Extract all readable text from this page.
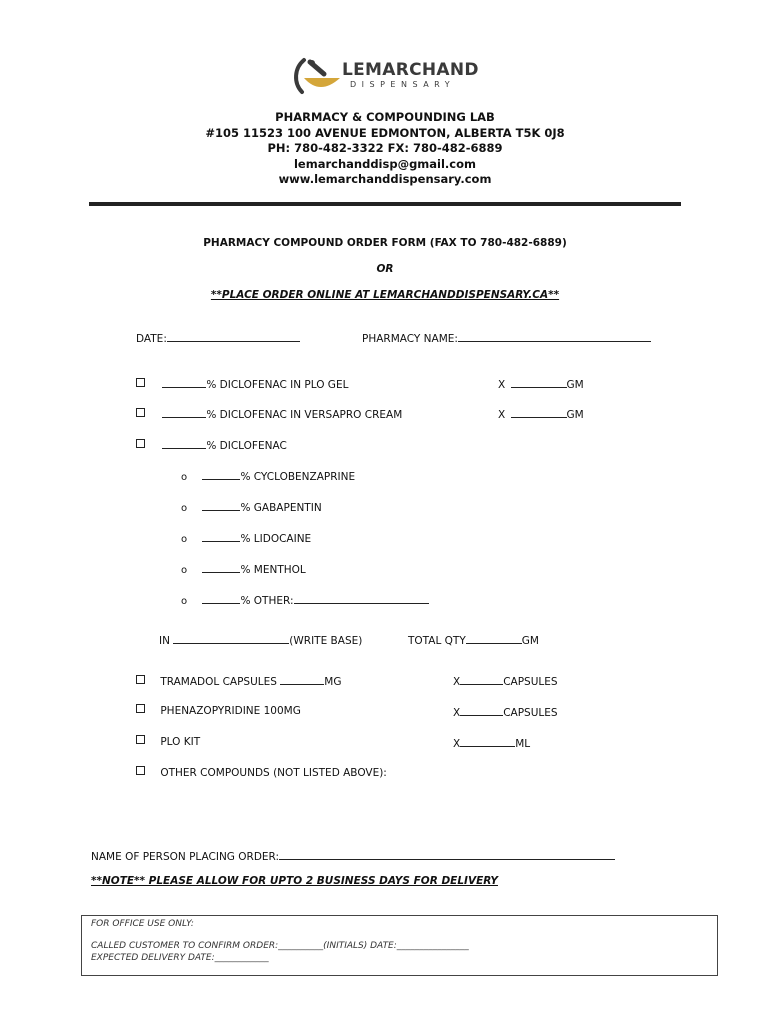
LEMARCHAND
DISPENSARY
PHARMACY & COMPOUNDING LAB
#105 11523 100 AVENUE EDMONTON, ALBERTA T5K 0J8
PH: 780-482-3322 FX: 780-482-6889
lemarchanddisp@gmail.com
www.lemarchanddispensary.com
PHARMACY COMPOUND ORDER FORM (FAX TO 780-482-6889)
OR
**PLACE ORDER ONLINE AT LEMARCHANDDISPENSARY.CA**
DATE:	PHARMACY NAME:
% DICLOFENAC IN PLO GEL	X	GM
% DICLOFENAC IN VERSAPRO CREAM	X	GM
% DICLOFENAC
o	% CYCLOBENZAPRINE
o	% GABAPENTIN
o	% LIDOCAINE
o	% MENTHOL
o	% OTHER:
IN	(WRITE BASE)	TOTAL QTY	GM
TRAMADOL CAPSULES	MG	X	CAPSULES
PHENAZOPYRIDINE 100MG	X	CAPSULES
PLO KIT	X	ML
OTHER COMPOUNDS (NOT LISTED ABOVE):
NAME OF PERSON PLACING ORDER:
**NOTE** PLEASE ALLOW FOR UPTO 2 BUSINESS DAYS FOR DELIVERY
FOR OFFICE USE ONLY:
CALLED CUSTOMER TO CONFIRM ORDER:__________(INITIALS) DATE:________________
EXPECTED DELIVERY DATE:____________
